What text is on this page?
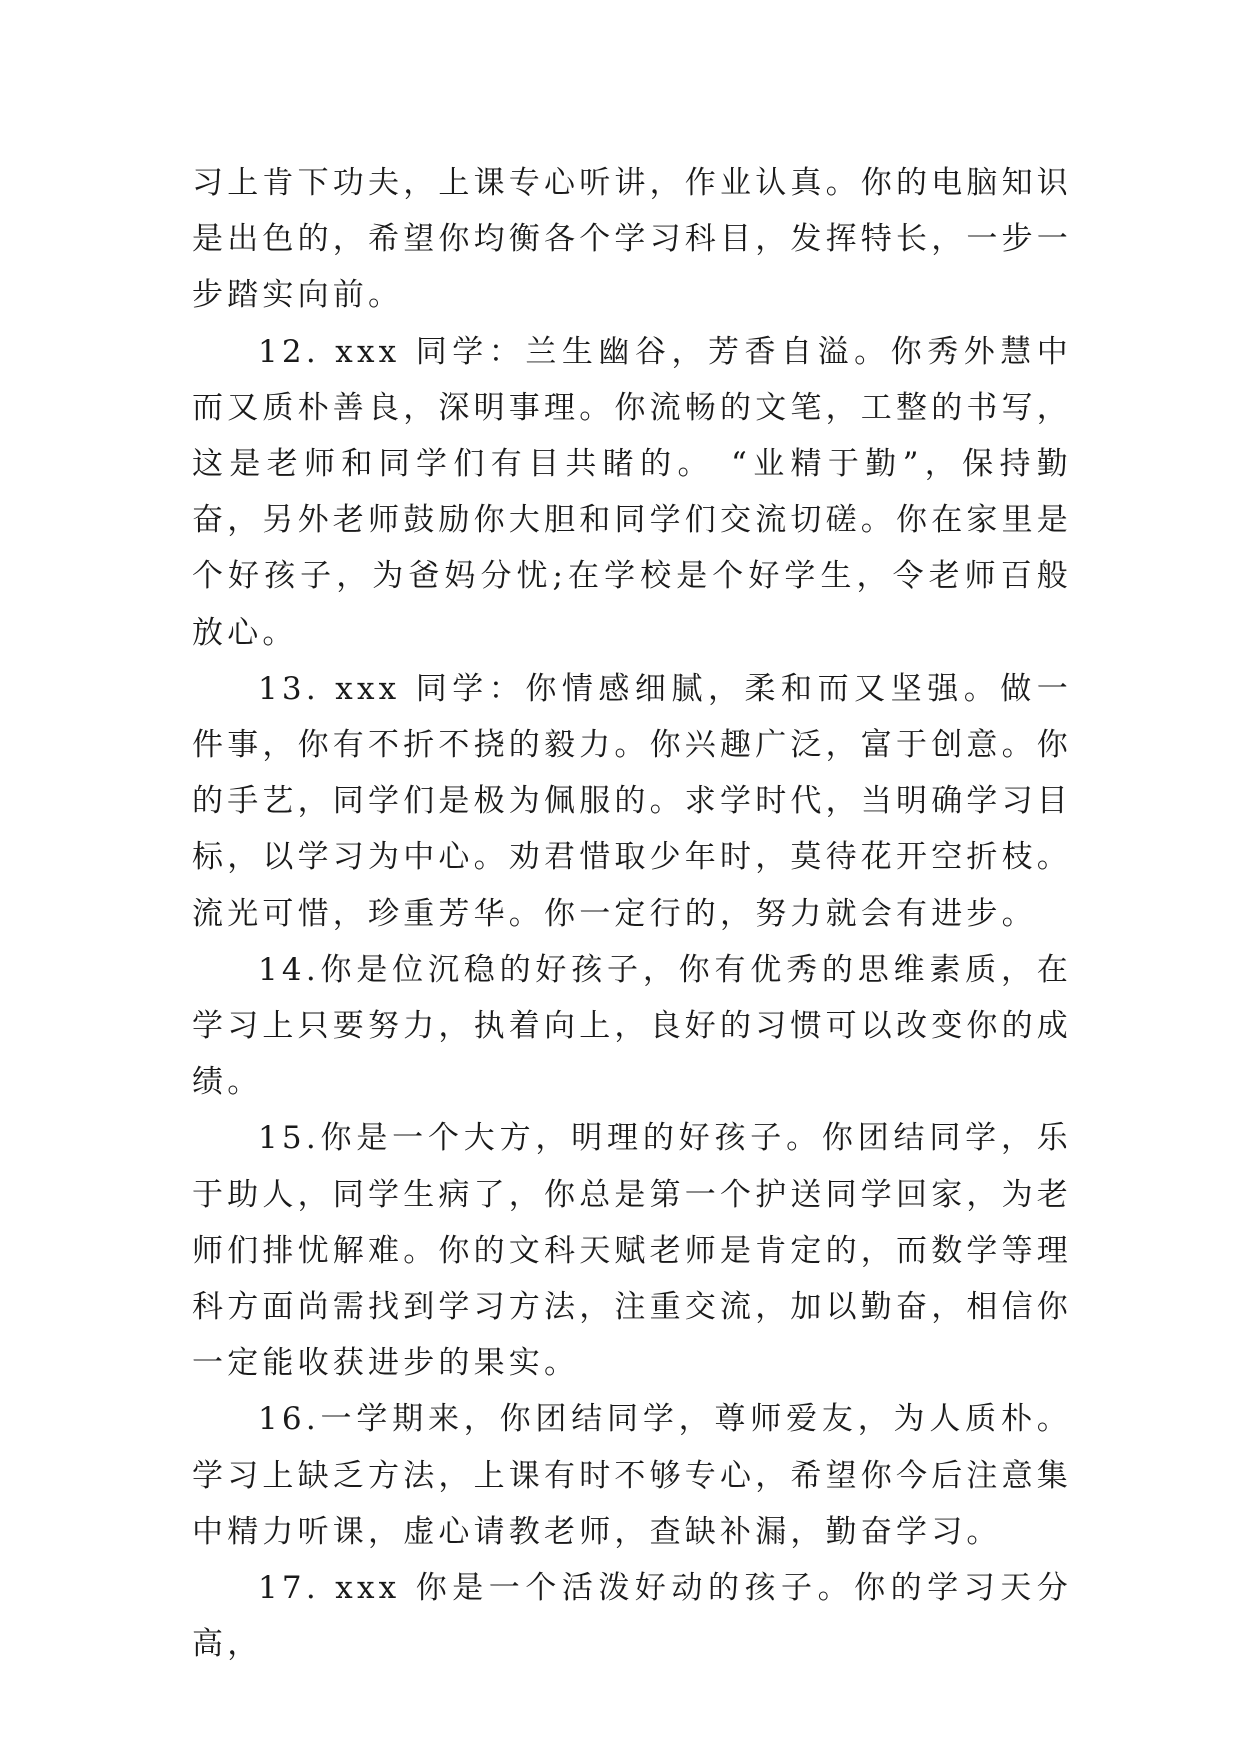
习上肯下功夫，上课专心听讲，作业认真。你的电脑知识是出色的，希望你均衡各个学习科目，发挥特长，一步一步踏实向前。

12. xxx 同学：兰生幽谷，芳香自溢。你秀外慧中而又质朴善良，深明事理。你流畅的文笔，工整的书写，这是老师和同学们有目共睹的。 “业精于勤”，保持勤奋，另外老师鼓励你大胆和同学们交流切磋。你在家里是个好孩子，为爸妈分忧;在学校是个好学生，令老师百般放心。

13. xxx 同学：你情感细腻，柔和而又坚强。做一件事，你有不折不挠的毅力。你兴趣广泛，富于创意。你的手艺，同学们是极为佩服的。求学时代，当明确学习目标，以学习为中心。劝君惜取少年时，莫待花开空折枝。流光可惜，珍重芳华。你一定行的，努力就会有进步。

14.你是位沉稳的好孩子，你有优秀的思维素质，在学习上只要努力，执着向上，良好的习惯可以改变你的成绩。

15.你是一个大方，明理的好孩子。你团结同学，乐于助人，同学生病了，你总是第一个护送同学回家，为老师们排忧解难。你的文科天赋老师是肯定的，而数学等理科方面尚需找到学习方法，注重交流，加以勤奋，相信你一定能收获进步的果实。

16.一学期来，你团结同学，尊师爱友，为人质朴。学习上缺乏方法，上课有时不够专心，希望你今后注意集中精力听课，虚心请教老师，查缺补漏，勤奋学习。

17. xxx 你是一个活泼好动的孩子。你的学习天分高，
